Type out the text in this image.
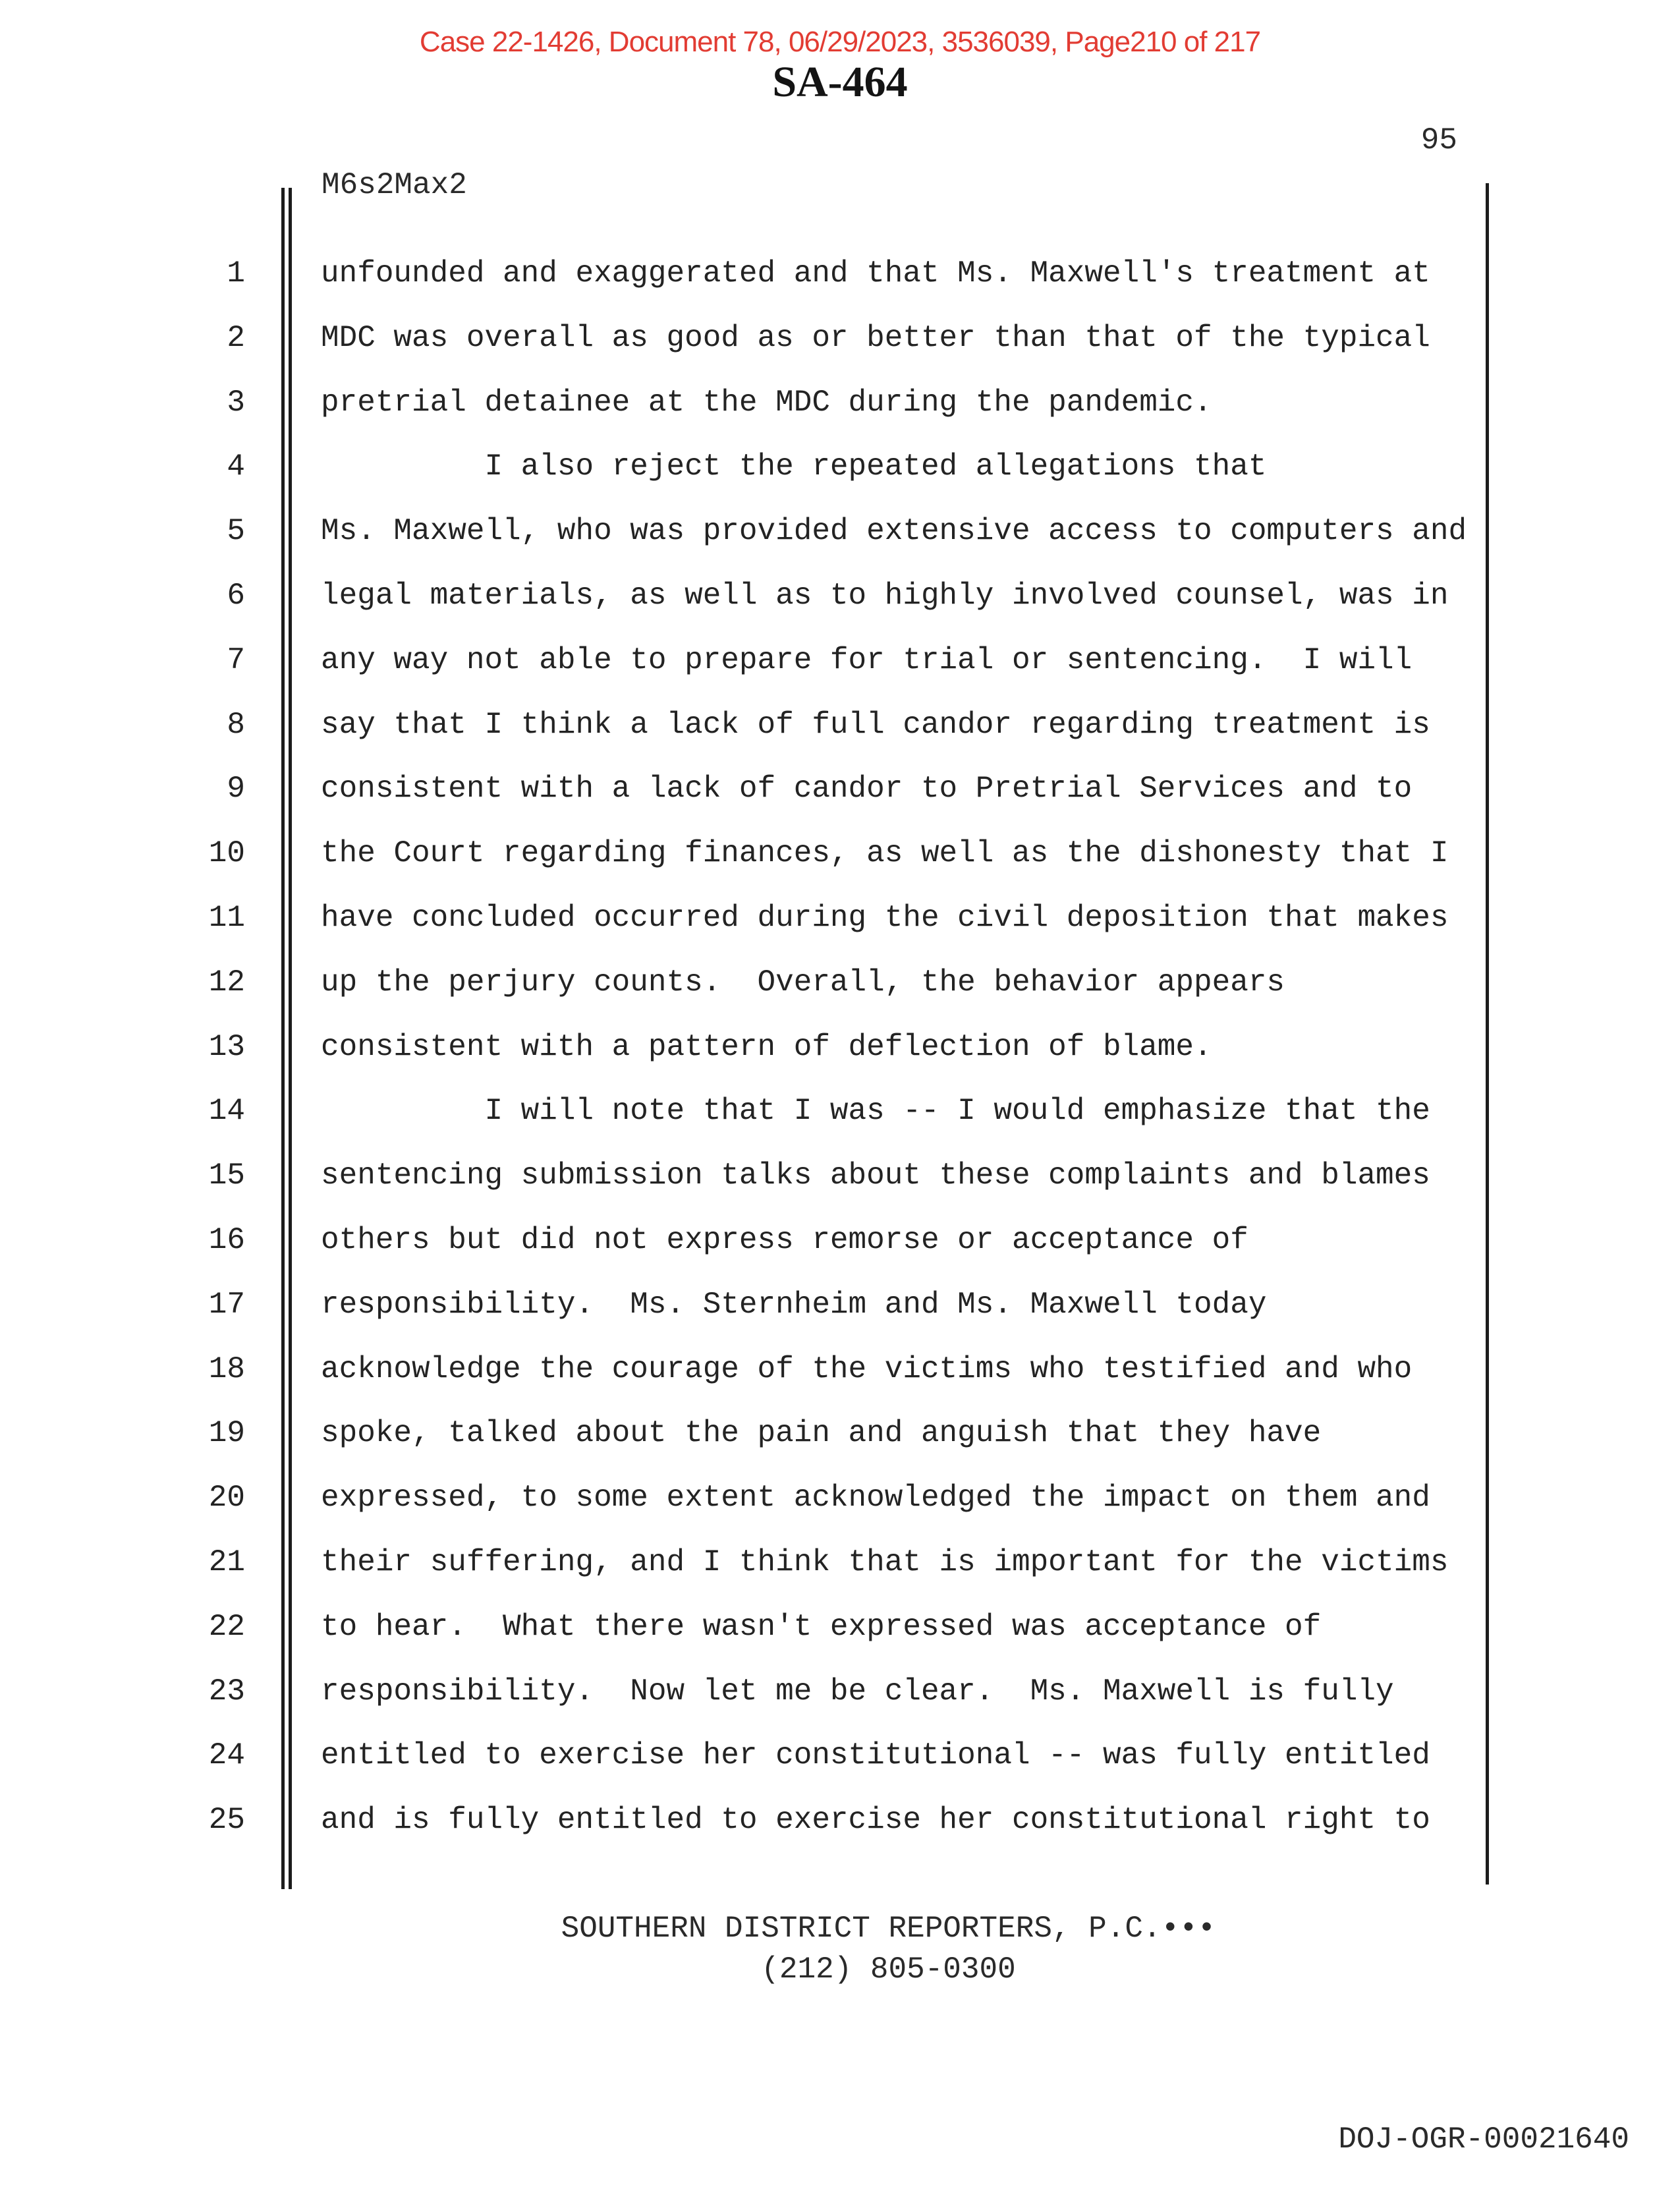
Case 22-1426, Document 78, 06/29/2023, 3536039, Page210 of 217
SA-464
95
M6s2Max2
1	unfounded and exaggerated and that Ms. Maxwell's treatment at
2	MDC was overall as good as or better than that of the typical
3	pretrial detainee at the MDC during the pandemic.
4	I also reject the repeated allegations that
5	Ms. Maxwell, who was provided extensive access to computers and
6	legal materials, as well as to highly involved counsel, was in
7	any way not able to prepare for trial or sentencing.  I will
8	say that I think a lack of full candor regarding treatment is
9	consistent with a lack of candor to Pretrial Services and to
10	the Court regarding finances, as well as the dishonesty that I
11	have concluded occurred during the civil deposition that makes
12	up the perjury counts.  Overall, the behavior appears
13	consistent with a pattern of deflection of blame.
14	I will note that I was -- I would emphasize that the
15	sentencing submission talks about these complaints and blames
16	others but did not express remorse or acceptance of
17	responsibility.  Ms. Sternheim and Ms. Maxwell today
18	acknowledge the courage of the victims who testified and who
19	spoke, talked about the pain and anguish that they have
20	expressed, to some extent acknowledged the impact on them and
21	their suffering, and I think that is important for the victims
22	to hear.  What there wasn't expressed was acceptance of
23	responsibility.  Now let me be clear.  Ms. Maxwell is fully
24	entitled to exercise her constitutional -- was fully entitled
25	and is fully entitled to exercise her constitutional right to
SOUTHERN DISTRICT REPORTERS, P.C.•••
(212) 805-0300
DOJ-OGR-00021640
